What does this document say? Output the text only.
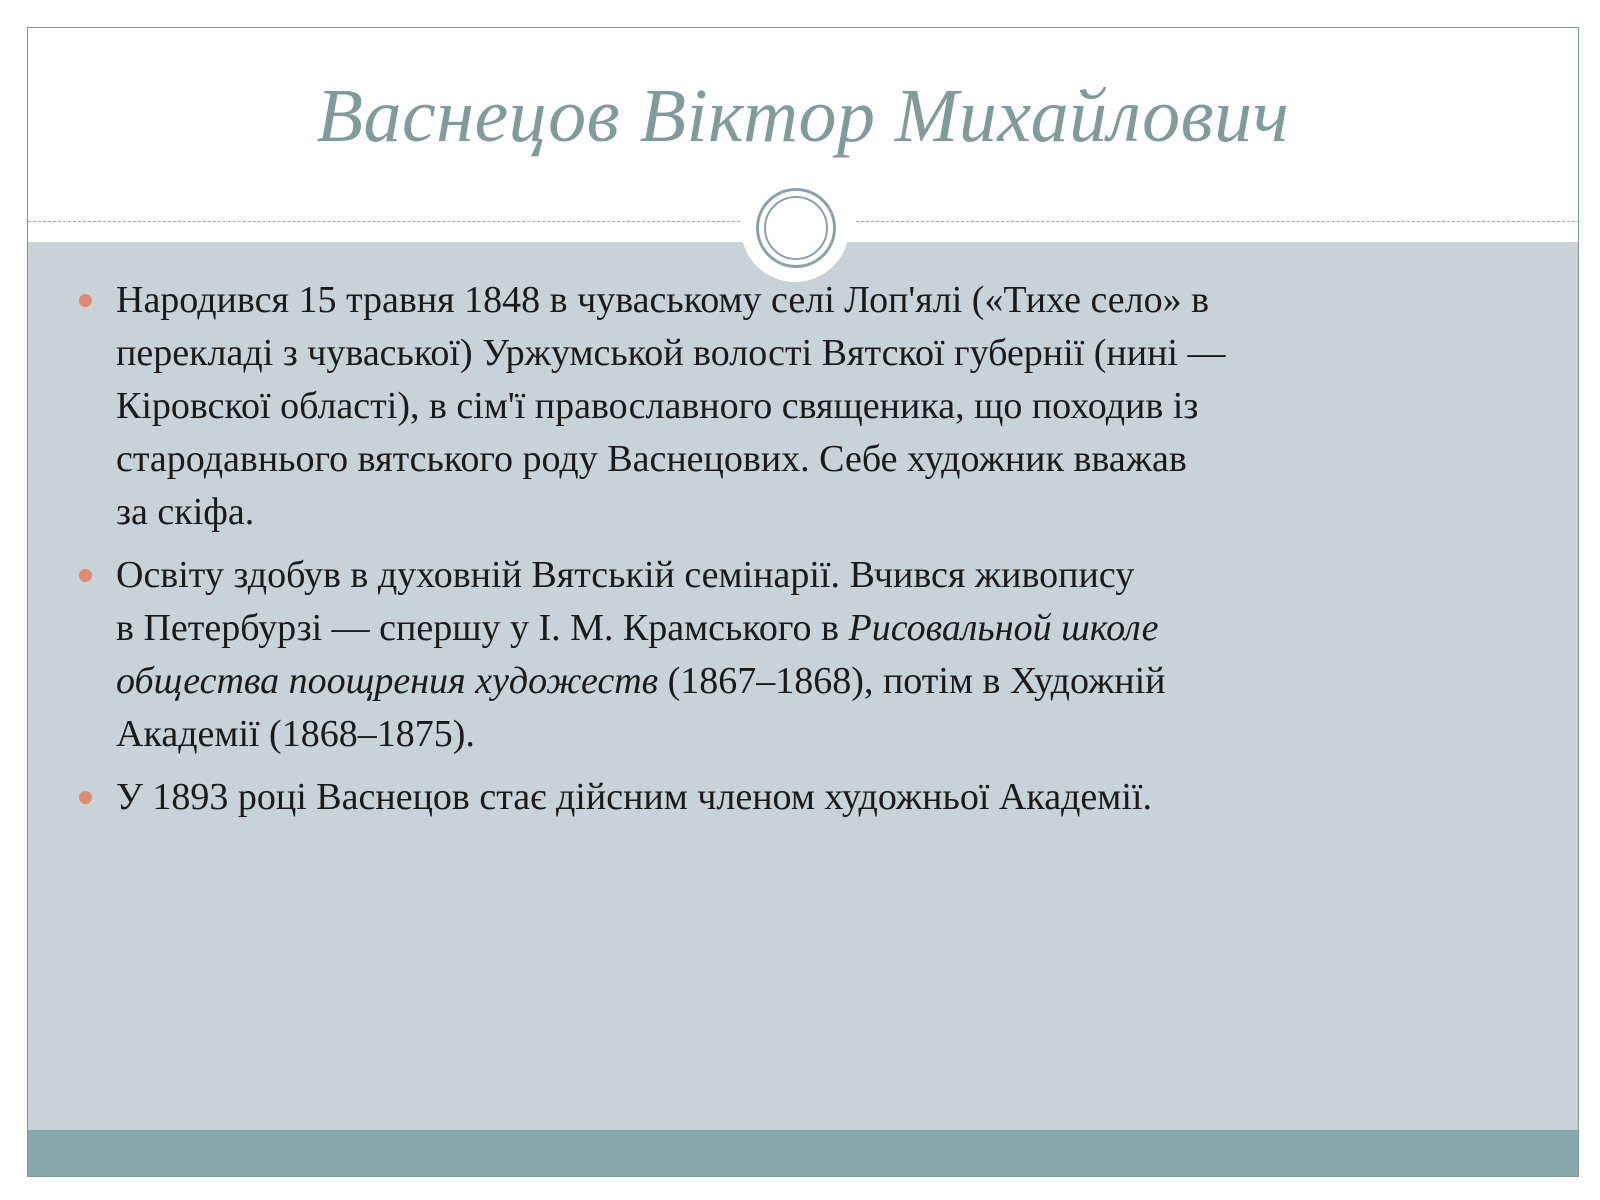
Васнецов Віктор Михайлович
Народився 15 травня 1848 в чуваському селі Лоп'ялі («Тихе село» в
перекладі з чуваської) Уржумськой волості Вятскої губернії (нині —
Кіровскої області), в сім'ї православного священика, що походив із
стародавнього вятського роду Васнецових. Себе художник вважав
за скіфа.
Освіту здобув в духовній Вятській семінарії. Вчився живопису
в Петербурзі — спершу у І. М. Крамського в Рисовальной школе
общества поощрения художеств (1867–1868), потім в Художній
Академії (1868–1875).
У 1893 році Васнецов стає дійсним членом художньої Академії.
